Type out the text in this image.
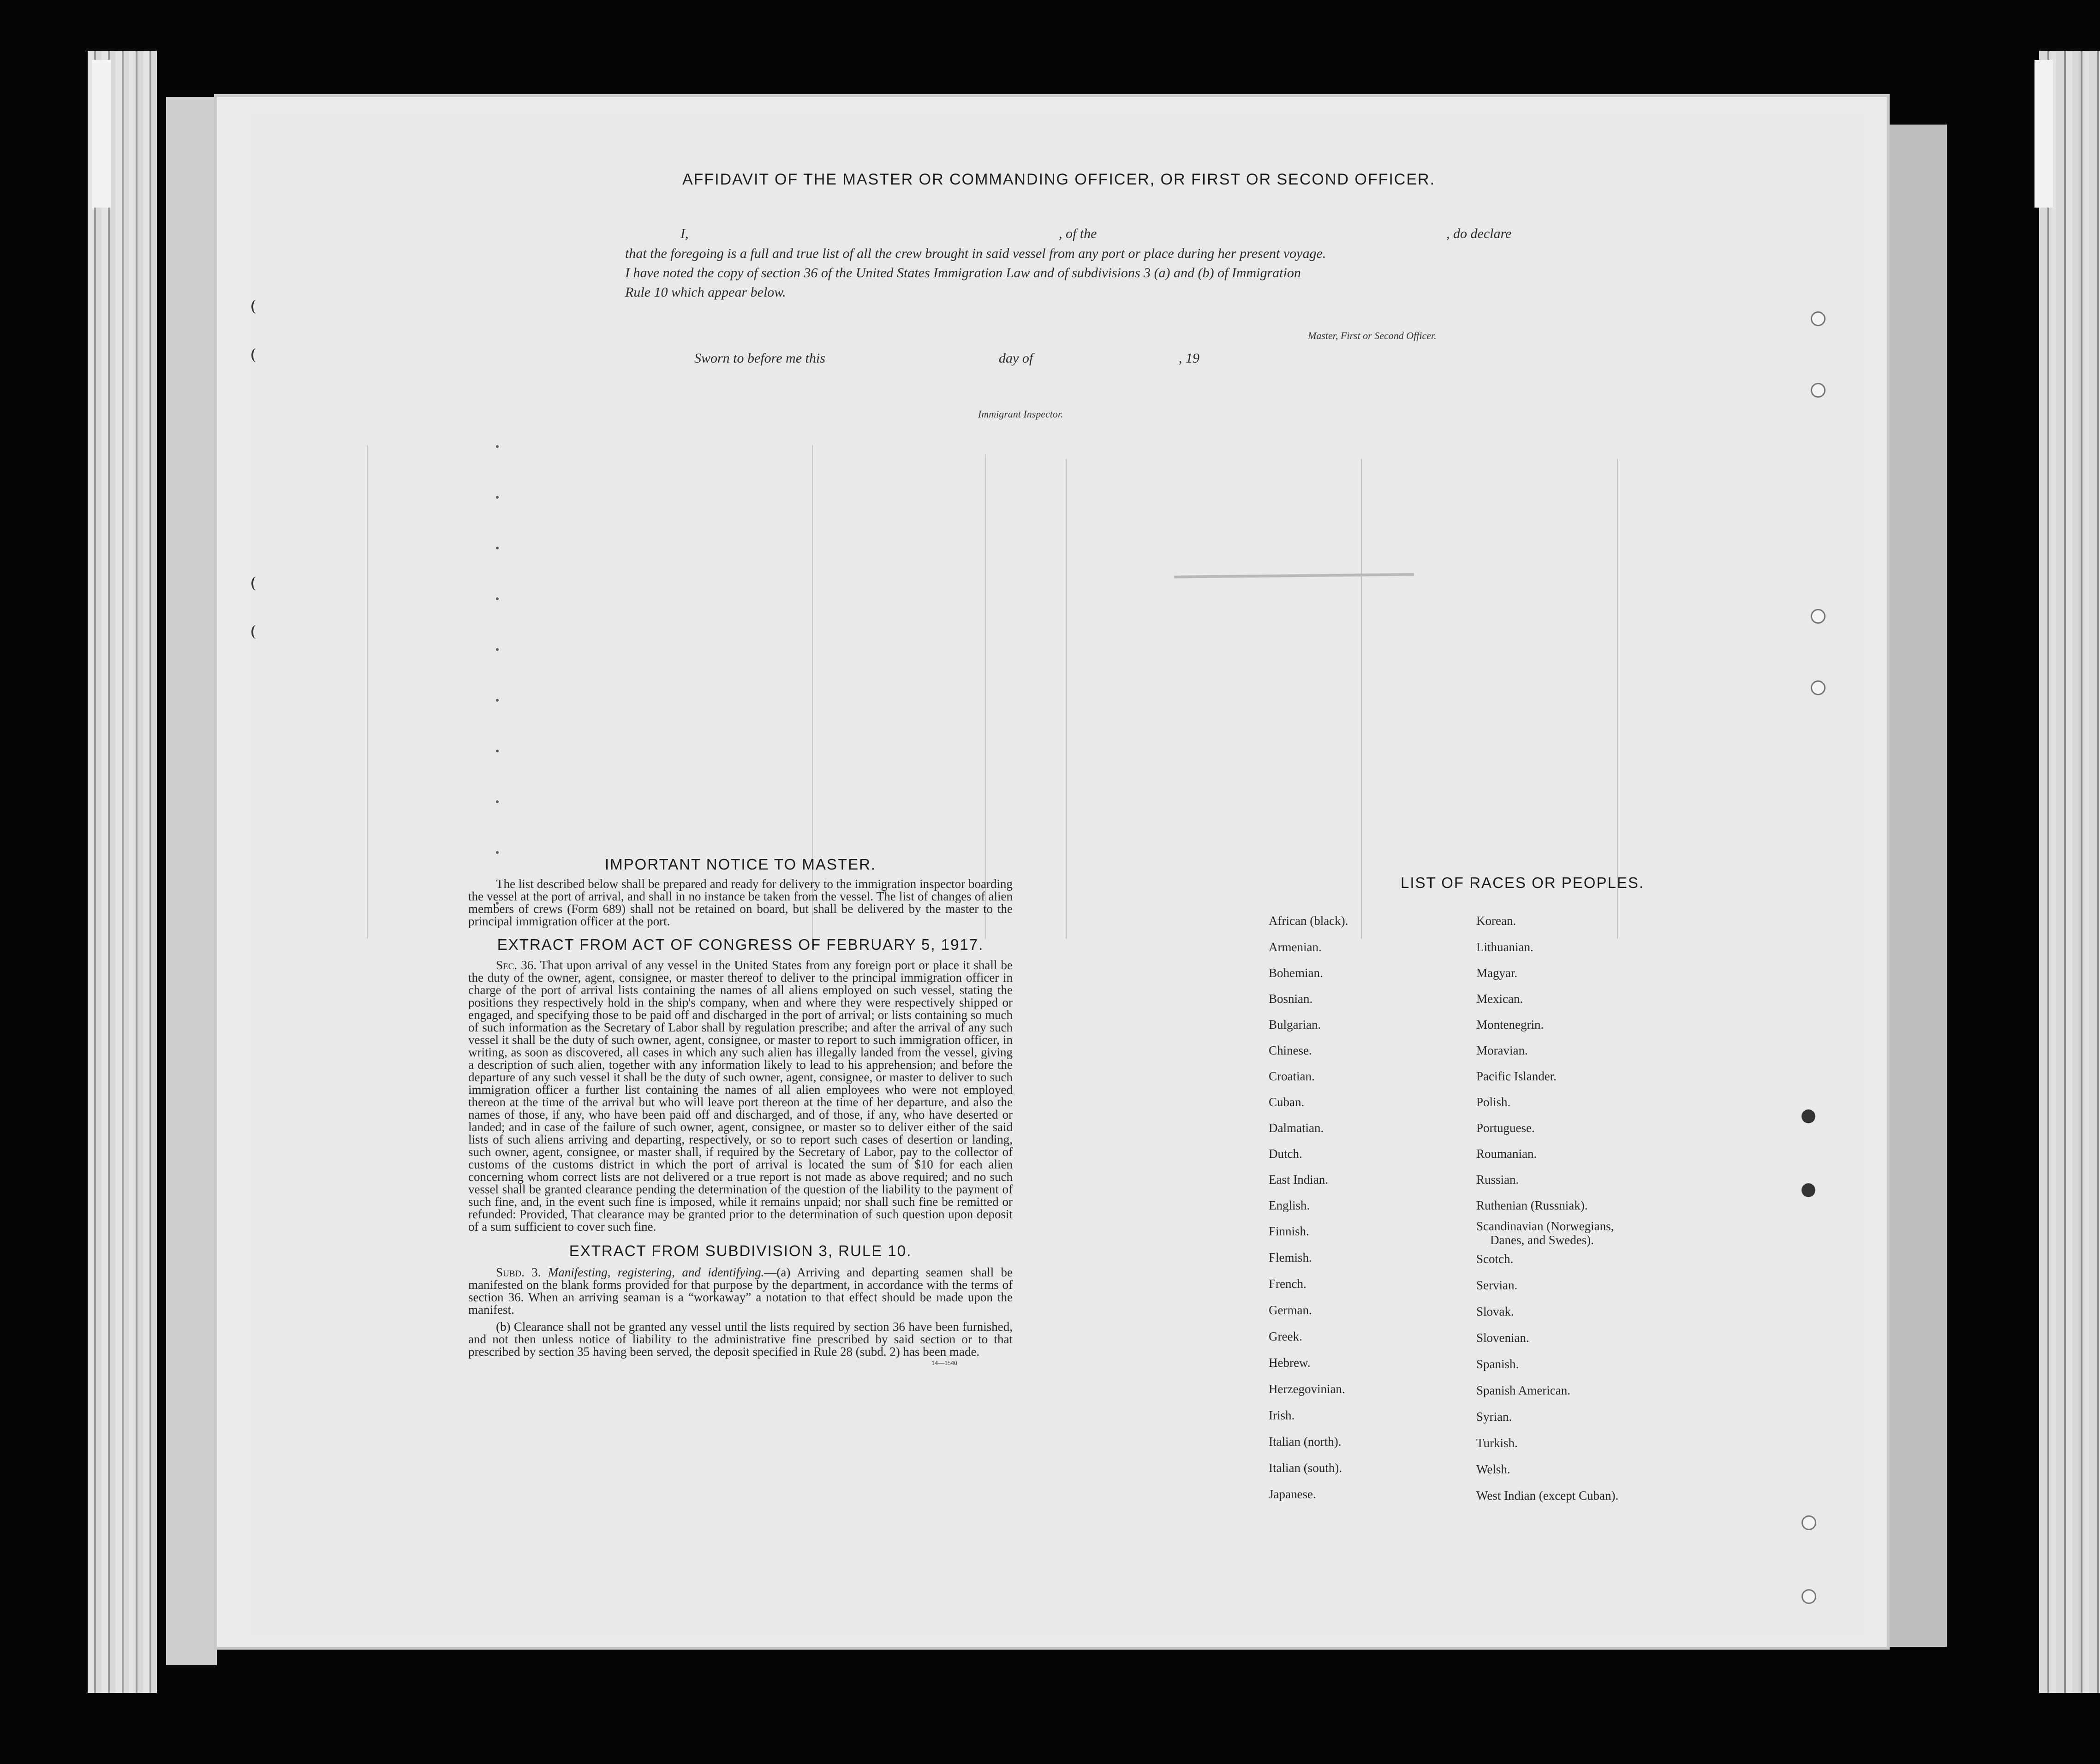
AFFIDAVIT OF THE MASTER OR COMMANDING OFFICER, OR FIRST OR SECOND OFFICER.
I,	, of the	, do declare
that the foregoing is a full and true list of all the crew brought in said vessel from any port or place during her present voyage.
I have noted the copy of section 36 of the United States Immigration Law and of subdivisions 3 (a) and (b) of Immigration
Rule 10 which appear below.
Master, First or Second Officer.
Sworn to before me this	day of	, 19
Immigrant Inspector.

IMPORTANT NOTICE TO MASTER.

The list described below shall be prepared and ready for delivery to the immigration inspector boarding the vessel at the port of arrival, and shall in no instance be taken from the vessel. The list of changes of alien members of crews (Form 689) shall not be retained on board, but shall be delivered by the master to the principal immigration officer at the port.

EXTRACT FROM ACT OF CONGRESS OF FEBRUARY 5, 1917.

Sec. 36. That upon arrival of any vessel in the United States from any foreign port or place it shall be the duty of the owner, agent, consignee, or master thereof to deliver to the principal immigration officer in charge of the port of arrival lists containing the names of all aliens employed on such vessel, stating the positions they respectively hold in the ship's company, when and where they were respectively shipped or engaged, and specifying those to be paid off and discharged in the port of arrival; or lists containing so much of such information as the Secretary of Labor shall by regulation prescribe; and after the arrival of any such vessel it shall be the duty of such owner, agent, consignee, or master to report to such immigration officer, in writing, as soon as discovered, all cases in which any such alien has illegally landed from the vessel, giving a description of such alien, together with any information likely to lead to his apprehension; and before the departure of any such vessel it shall be the duty of such owner, agent, consignee, or master to deliver to such immigration officer a further list containing the names of all alien employees who were not employed thereon at the time of the arrival but who will leave port thereon at the time of her departure, and also the names of those, if any, who have been paid off and discharged, and of those, if any, who have deserted or landed; and in case of the failure of such owner, agent, consignee, or master so to deliver either of the said lists of such aliens arriving and departing, respectively, or so to report such cases of desertion or landing, such owner, agent, consignee, or master shall, if required by the Secretary of Labor, pay to the collector of customs of the customs district in which the port of arrival is located the sum of $10 for each alien concerning whom correct lists are not delivered or a true report is not made as above required; and no such vessel shall be granted clearance pending the determination of the question of the liability to the payment of such fine, and, in the event such fine is imposed, while it remains unpaid; nor shall such fine be remitted or refunded: Provided, That clearance may be granted prior to the determination of such question upon deposit of a sum sufficient to cover such fine.

EXTRACT FROM SUBDIVISION 3, RULE 10.

Subd. 3. Manifesting, registering, and identifying.—(a) Arriving and departing seamen shall be manifested on the blank forms provided for that purpose by the department, in accordance with the terms of section 36. When an arriving seaman is a “workaway” a notation to that effect should be made upon the manifest.

(b) Clearance shall not be granted any vessel until the lists required by section 36 have been furnished, and not then unless notice of liability to the administrative fine prescribed by said section or to that prescribed by section 35 having been served, the deposit specified in Rule 28 (subd. 2) has been made.

14—1540
LIST OF RACES OR PEOPLES.
African (black).
Armenian.
Bohemian.
Bosnian.
Bulgarian.
Chinese.
Croatian.
Cuban.
Dalmatian.
Dutch.
East Indian.
English.
Finnish.
Flemish.
French.
German.
Greek.
Hebrew.
Herzegovinian.
Irish.
Italian (north).
Italian (south).
Japanese.
Korean.
Lithuanian.
Magyar.
Mexican.
Montenegrin.
Moravian.
Pacific Islander.
Polish.
Portuguese.
Roumanian.
Russian.
Ruthenian (Russniak).
Scandinavian (Norwegians,
Danes, and Swedes).
Scotch.
Servian.
Slovak.
Slovenian.
Spanish.
Spanish American.
Syrian.
Turkish.
Welsh.
West Indian (except Cuban).
